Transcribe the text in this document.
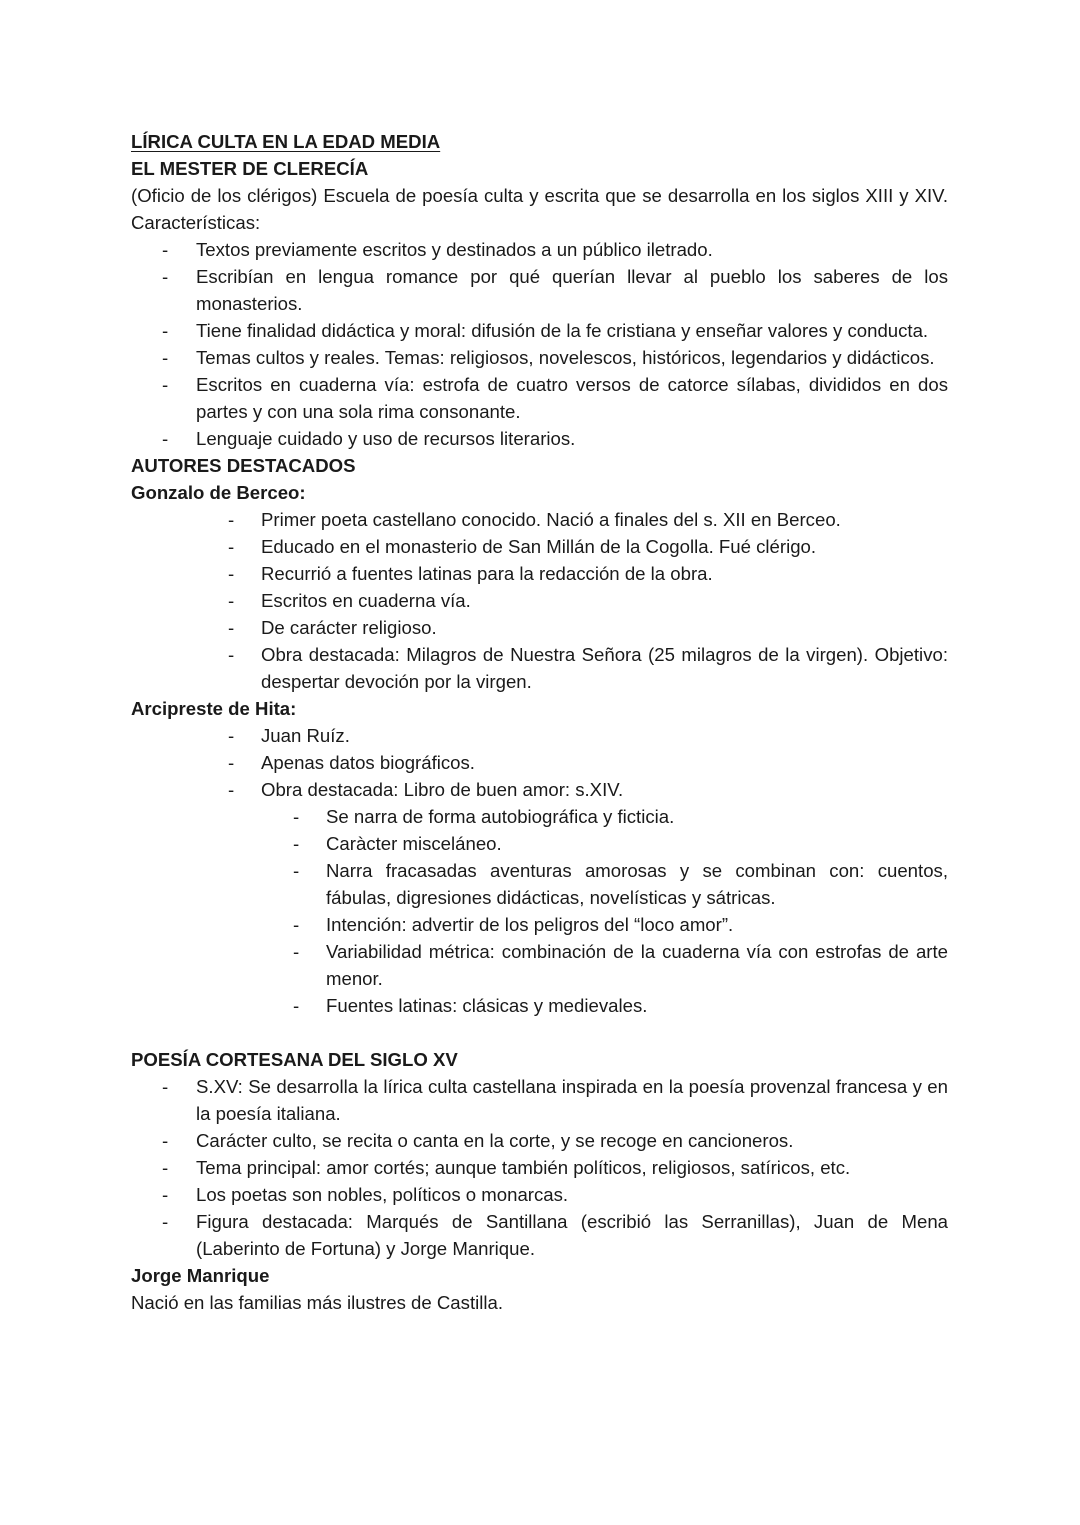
LÍRICA CULTA EN LA EDAD MEDIA
EL MESTER DE CLERECÍA
(Oficio de los clérigos) Escuela de poesía culta y escrita que se desarrolla en los siglos XIII y XIV. Características:
- Textos previamente escritos y destinados a un público iletrado.
- Escribían en lengua romance por qué querían llevar al pueblo los saberes de los monasterios.
- Tiene finalidad didáctica y moral: difusión de la fe cristiana y enseñar valores y conducta.
- Temas cultos y reales. Temas: religiosos, novelescos, históricos, legendarios y didácticos.
- Escritos en cuaderna vía: estrofa de cuatro versos de catorce sílabas, divididos en dos partes y con una sola rima consonante.
- Lenguaje cuidado y uso de recursos literarios.
AUTORES DESTACADOS
Gonzalo de Berceo:
- Primer poeta castellano conocido. Nació a finales del s. XII en Berceo.
- Educado en el monasterio de San Millán de la Cogolla. Fué clérigo.
- Recurrió a fuentes latinas para la redacción de la obra.
- Escritos en cuaderna vía.
- De carácter religioso.
- Obra destacada: Milagros de Nuestra Señora (25 milagros de la virgen). Objetivo: despertar devoción por la virgen.
Arcipreste de Hita:
- Juan Ruíz.
- Apenas datos biográficos.
- Obra destacada: Libro de buen amor: s.XIV.
- Se narra de forma autobiográfica y ficticia.
- Caràcter misceláneo.
- Narra fracasadas aventuras amorosas y se combinan con: cuentos, fábulas, digresiones didácticas, novelísticas y sátricas.
- Intención: advertir de los peligros del “loco amor”.
- Variabilidad métrica: combinación de la cuaderna vía con estrofas de arte menor.
- Fuentes latinas: clásicas y medievales.
POESÍA CORTESANA DEL SIGLO XV
- S.XV: Se desarrolla la lírica culta castellana inspirada en la poesía provenzal francesa y en la poesía italiana.
- Carácter culto, se recita o canta en la corte, y se recoge en cancioneros.
- Tema principal: amor cortés; aunque también políticos, religiosos, satíricos, etc.
- Los poetas son nobles, políticos o monarcas.
- Figura destacada: Marqués de Santillana (escribió las Serranillas), Juan de Mena (Laberinto de Fortuna) y Jorge Manrique.
Jorge Manrique
Nació en las familias más ilustres de Castilla.
